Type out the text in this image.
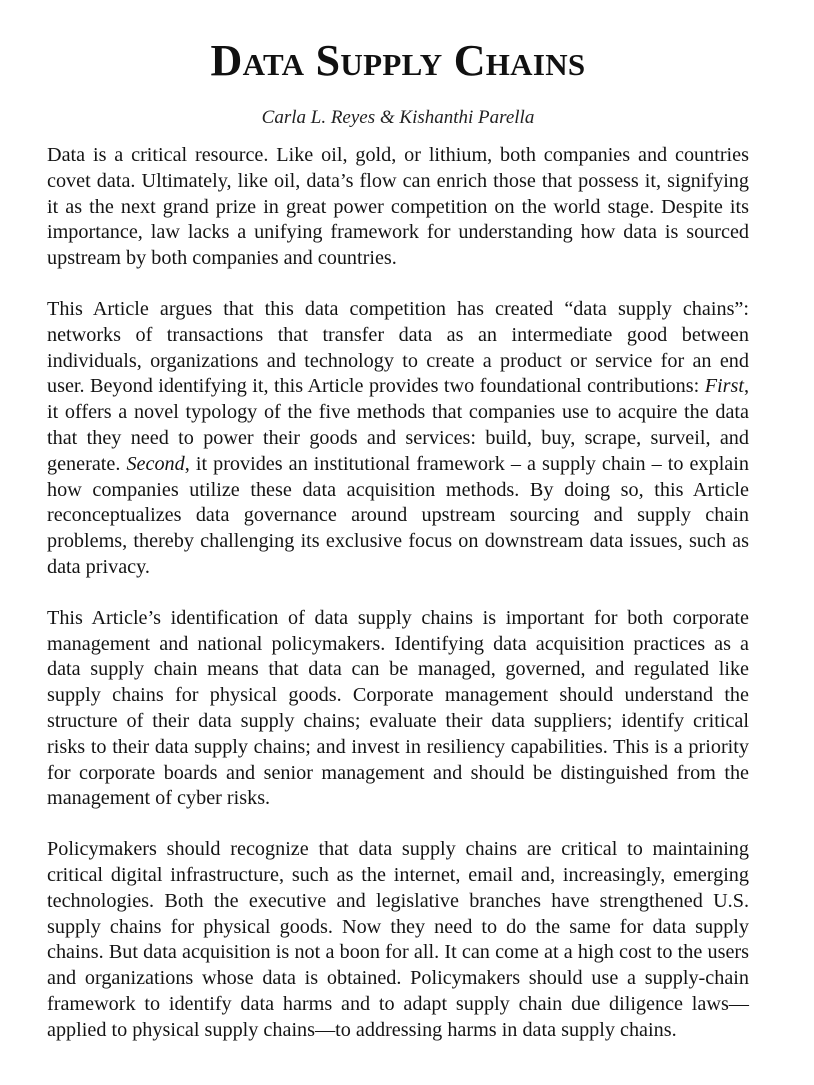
Data Supply Chains
Carla L. Reyes & Kishanthi Parella

Data is a critical resource. Like oil, gold, or lithium, both companies and countries covet data. Ultimately, like oil, data’s flow can enrich those that possess it, signifying it as the next grand prize in great power competition on the world stage. Despite its importance, law lacks a unifying framework for understanding how data is sourced upstream by both companies and countries.

This Article argues that this data competition has created “data supply chains”: networks of transactions that transfer data as an intermediate good between individuals, organizations and technology to create a product or service for an end user. Beyond identifying it, this Article provides two foundational contributions: First, it offers a novel typology of the five methods that companies use to acquire the data that they need to power their goods and services: build, buy, scrape, surveil, and generate. Second, it provides an institutional framework – a supply chain – to explain how companies utilize these data acquisition methods. By doing so, this Article reconceptualizes data governance around upstream sourcing and supply chain problems, thereby challenging its exclusive focus on downstream data issues, such as data privacy.

This Article’s identification of data supply chains is important for both corporate management and national policymakers. Identifying data acquisition practices as a data supply chain means that data can be managed, governed, and regulated like supply chains for physical goods. Corporate management should understand the structure of their data supply chains; evaluate their data suppliers; identify critical risks to their data supply chains; and invest in resiliency capabilities. This is a priority for corporate boards and senior management and should be distinguished from the management of cyber risks.

Policymakers should recognize that data supply chains are critical to maintaining critical digital infrastructure, such as the internet, email and, increasingly, emerging technologies. Both the executive and legislative branches have strengthened U.S. supply chains for physical goods. Now they need to do the same for data supply chains. But data acquisition is not a boon for all. It can come at a high cost to the users and organizations whose data is obtained. Policymakers should use a supply-chain framework to identify data harms and to adapt supply chain due diligence laws—applied to physical supply chains—to addressing harms in data supply chains.
